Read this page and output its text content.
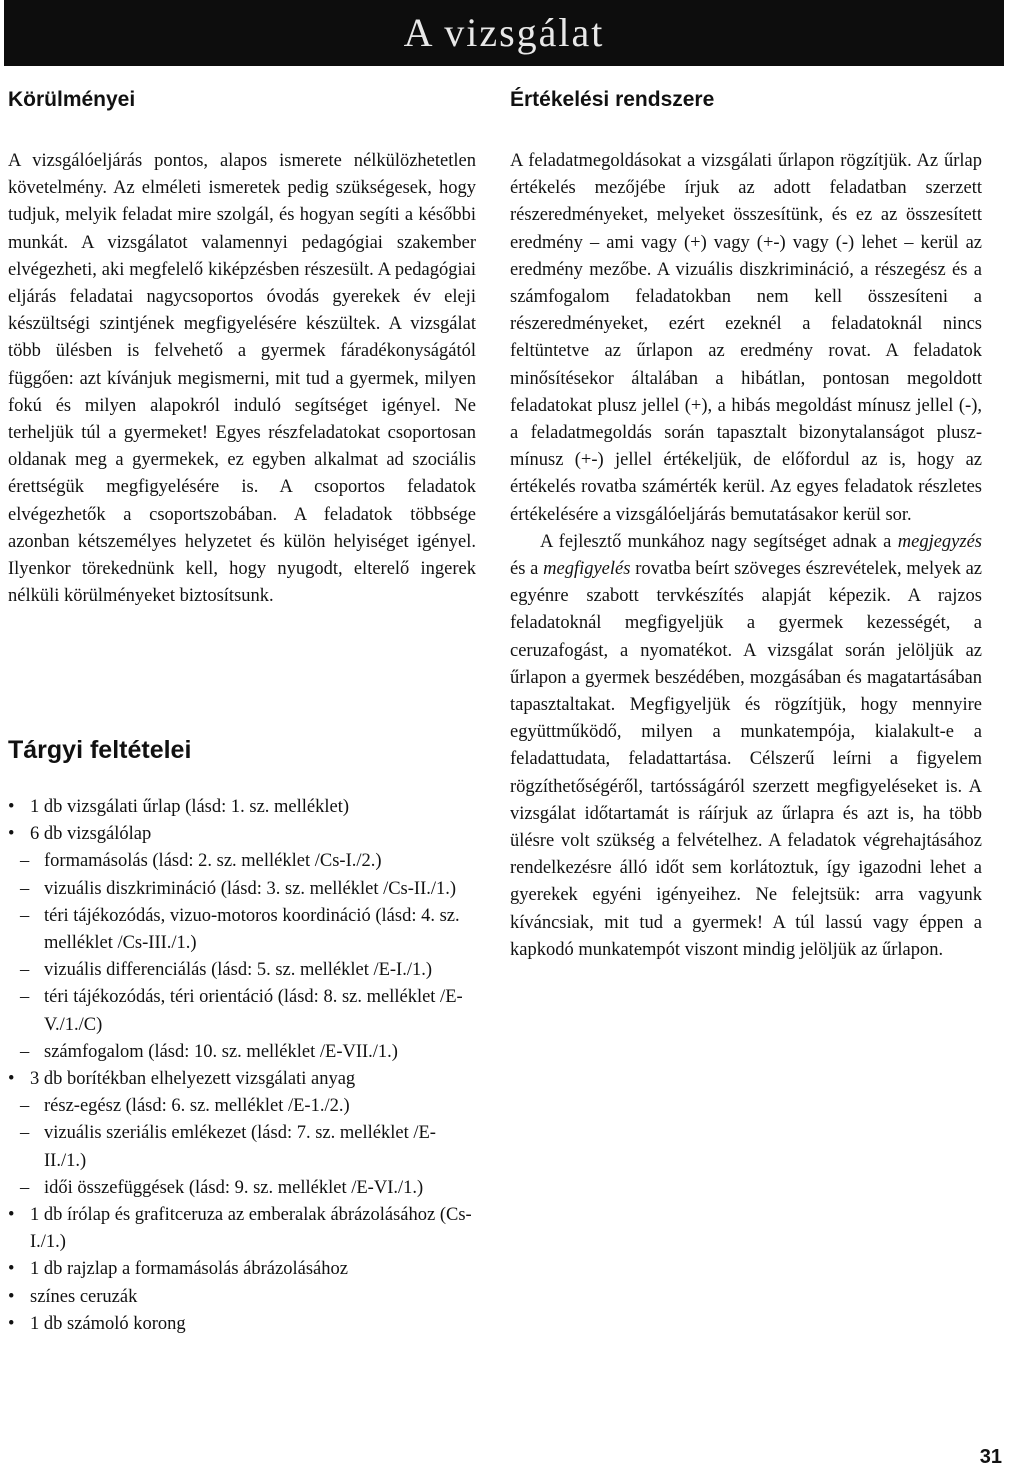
A vizsgálat
Körülményei

A vizsgálóeljárás pontos, alapos ismerete nélkülözhetetlen követelmény. Az elméleti ismeretek pedig szükségesek, hogy tudjuk, melyik feladat mire szolgál, és hogyan segíti a későbbi munkát. A vizsgálatot valamennyi pedagógiai szakember elvégezheti, aki megfelelő kiképzésben részesült. A pedagógiai eljárás feladatai nagycsoportos óvodás gyerekek év eleji készültségi szintjének megfigyelésére készültek. A vizsgálat több ülésben is felvehető a gyermek fáradékonyságától függően: azt kívánjuk megismerni, mit tud a gyermek, milyen fokú és milyen alapokról induló segítséget igényel. Ne terheljük túl a gyermeket! Egyes részfeladatokat csoportosan oldanak meg a gyermekek, ez egyben alkalmat ad szociális érettségük megfigyelésére is. A csoportos feladatok elvégezhetők a csoportszobában. A feladatok többsége azonban kétszemélyes helyzetet és külön helyiséget igényel. Ilyenkor törekednünk kell, hogy nyugodt, elterelő ingerek nélküli körülményeket biztosítsunk.

Tárgyi feltételei
• 1 db vizsgálati űrlap (lásd: 1. sz. melléklet)
• 6 db vizsgálólap
– formamásolás (lásd: 2. sz. melléklet /Cs-I./2.)
– vizuális diszkrimináció (lásd: 3. sz. melléklet /Cs-II./1.)
– téri tájékozódás, vizuo-motoros koordináció (lásd: 4. sz. melléklet /Cs-III./1.)
– vizuális differenciálás (lásd: 5. sz. melléklet /E-I./1.)
– téri tájékozódás, téri orientáció (lásd: 8. sz. melléklet /E-V./1./C)
– számfogalom (lásd: 10. sz. melléklet /E-VII./1.)
• 3 db borítékban elhelyezett vizsgálati anyag
– rész-egész (lásd: 6. sz. melléklet /E-1./2.)
– vizuális szeriális emlékezet (lásd: 7. sz. melléklet /E-II./1.)
– idői összefüggések (lásd: 9. sz. melléklet /E-VI./1.)
• 1 db írólap és grafitceruza az emberalak ábrázolásához (Cs-I./1.)
• 1 db rajzlap a formamásolás ábrázolásához
• színes ceruzák
• 1 db számoló korong
Értékelési rendszere

A feladatmegoldásokat a vizsgálati űrlapon rögzítjük. Az űrlap értékelés mezőjébe írjuk az adott feladatban szerzett részeredményeket, melyeket összesítünk, és ez az összesített eredmény – ami vagy (+) vagy (+-) vagy (-) lehet – kerül az eredmény mezőbe. A vizuális diszkrimináció, a részegész és a számfogalom feladatokban nem kell összesíteni a részeredményeket, ezért ezeknél a feladatoknál nincs feltüntetve az űrlapon az eredmény rovat. A feladatok minősítésekor általában a hibátlan, pontosan megoldott feladatokat plusz jellel (+), a hibás megoldást mínusz jellel (-), a feladatmegoldás során tapasztalt bizonytalanságot plusz-mínusz (+-) jellel értékeljük, de előfordul az is, hogy az értékelés rovatba számérték kerül. Az egyes feladatok részletes értékelésére a vizsgálóeljárás bemutatásakor kerül sor.

A fejlesztő munkához nagy segítséget adnak a megjegyzés és a megfigyelés rovatba beírt szöveges észrevételek, melyek az egyénre szabott tervkészítés alapját képezik. A rajzos feladatoknál megfigyeljük a gyermek kezességét, a ceruzafogást, a nyomatékot. A vizsgálat során jelöljük az űrlapon a gyermek beszédében, mozgásában és magatartásában tapasztaltakat. Megfigyeljük és rögzítjük, hogy mennyire együttműködő, milyen a munkatempója, kialakult-e a feladattudata, feladattartása. Célszerű leírni a figyelem rögzíthetőségéről, tartósságáról szerzett megfigyeléseket is. A vizsgálat időtartamát is ráírjuk az űrlapra és azt is, ha több ülésre volt szükség a felvételhez. A feladatok végrehajtásához rendelkezésre álló időt sem korlátoztuk, így igazodni lehet a gyerekek egyéni igényeihez. Ne felejtsük: arra vagyunk kíváncsiak, mit tud a gyermek! A túl lassú vagy éppen a kapkodó munkatempót viszont mindig jelöljük az űrlapon.

31
